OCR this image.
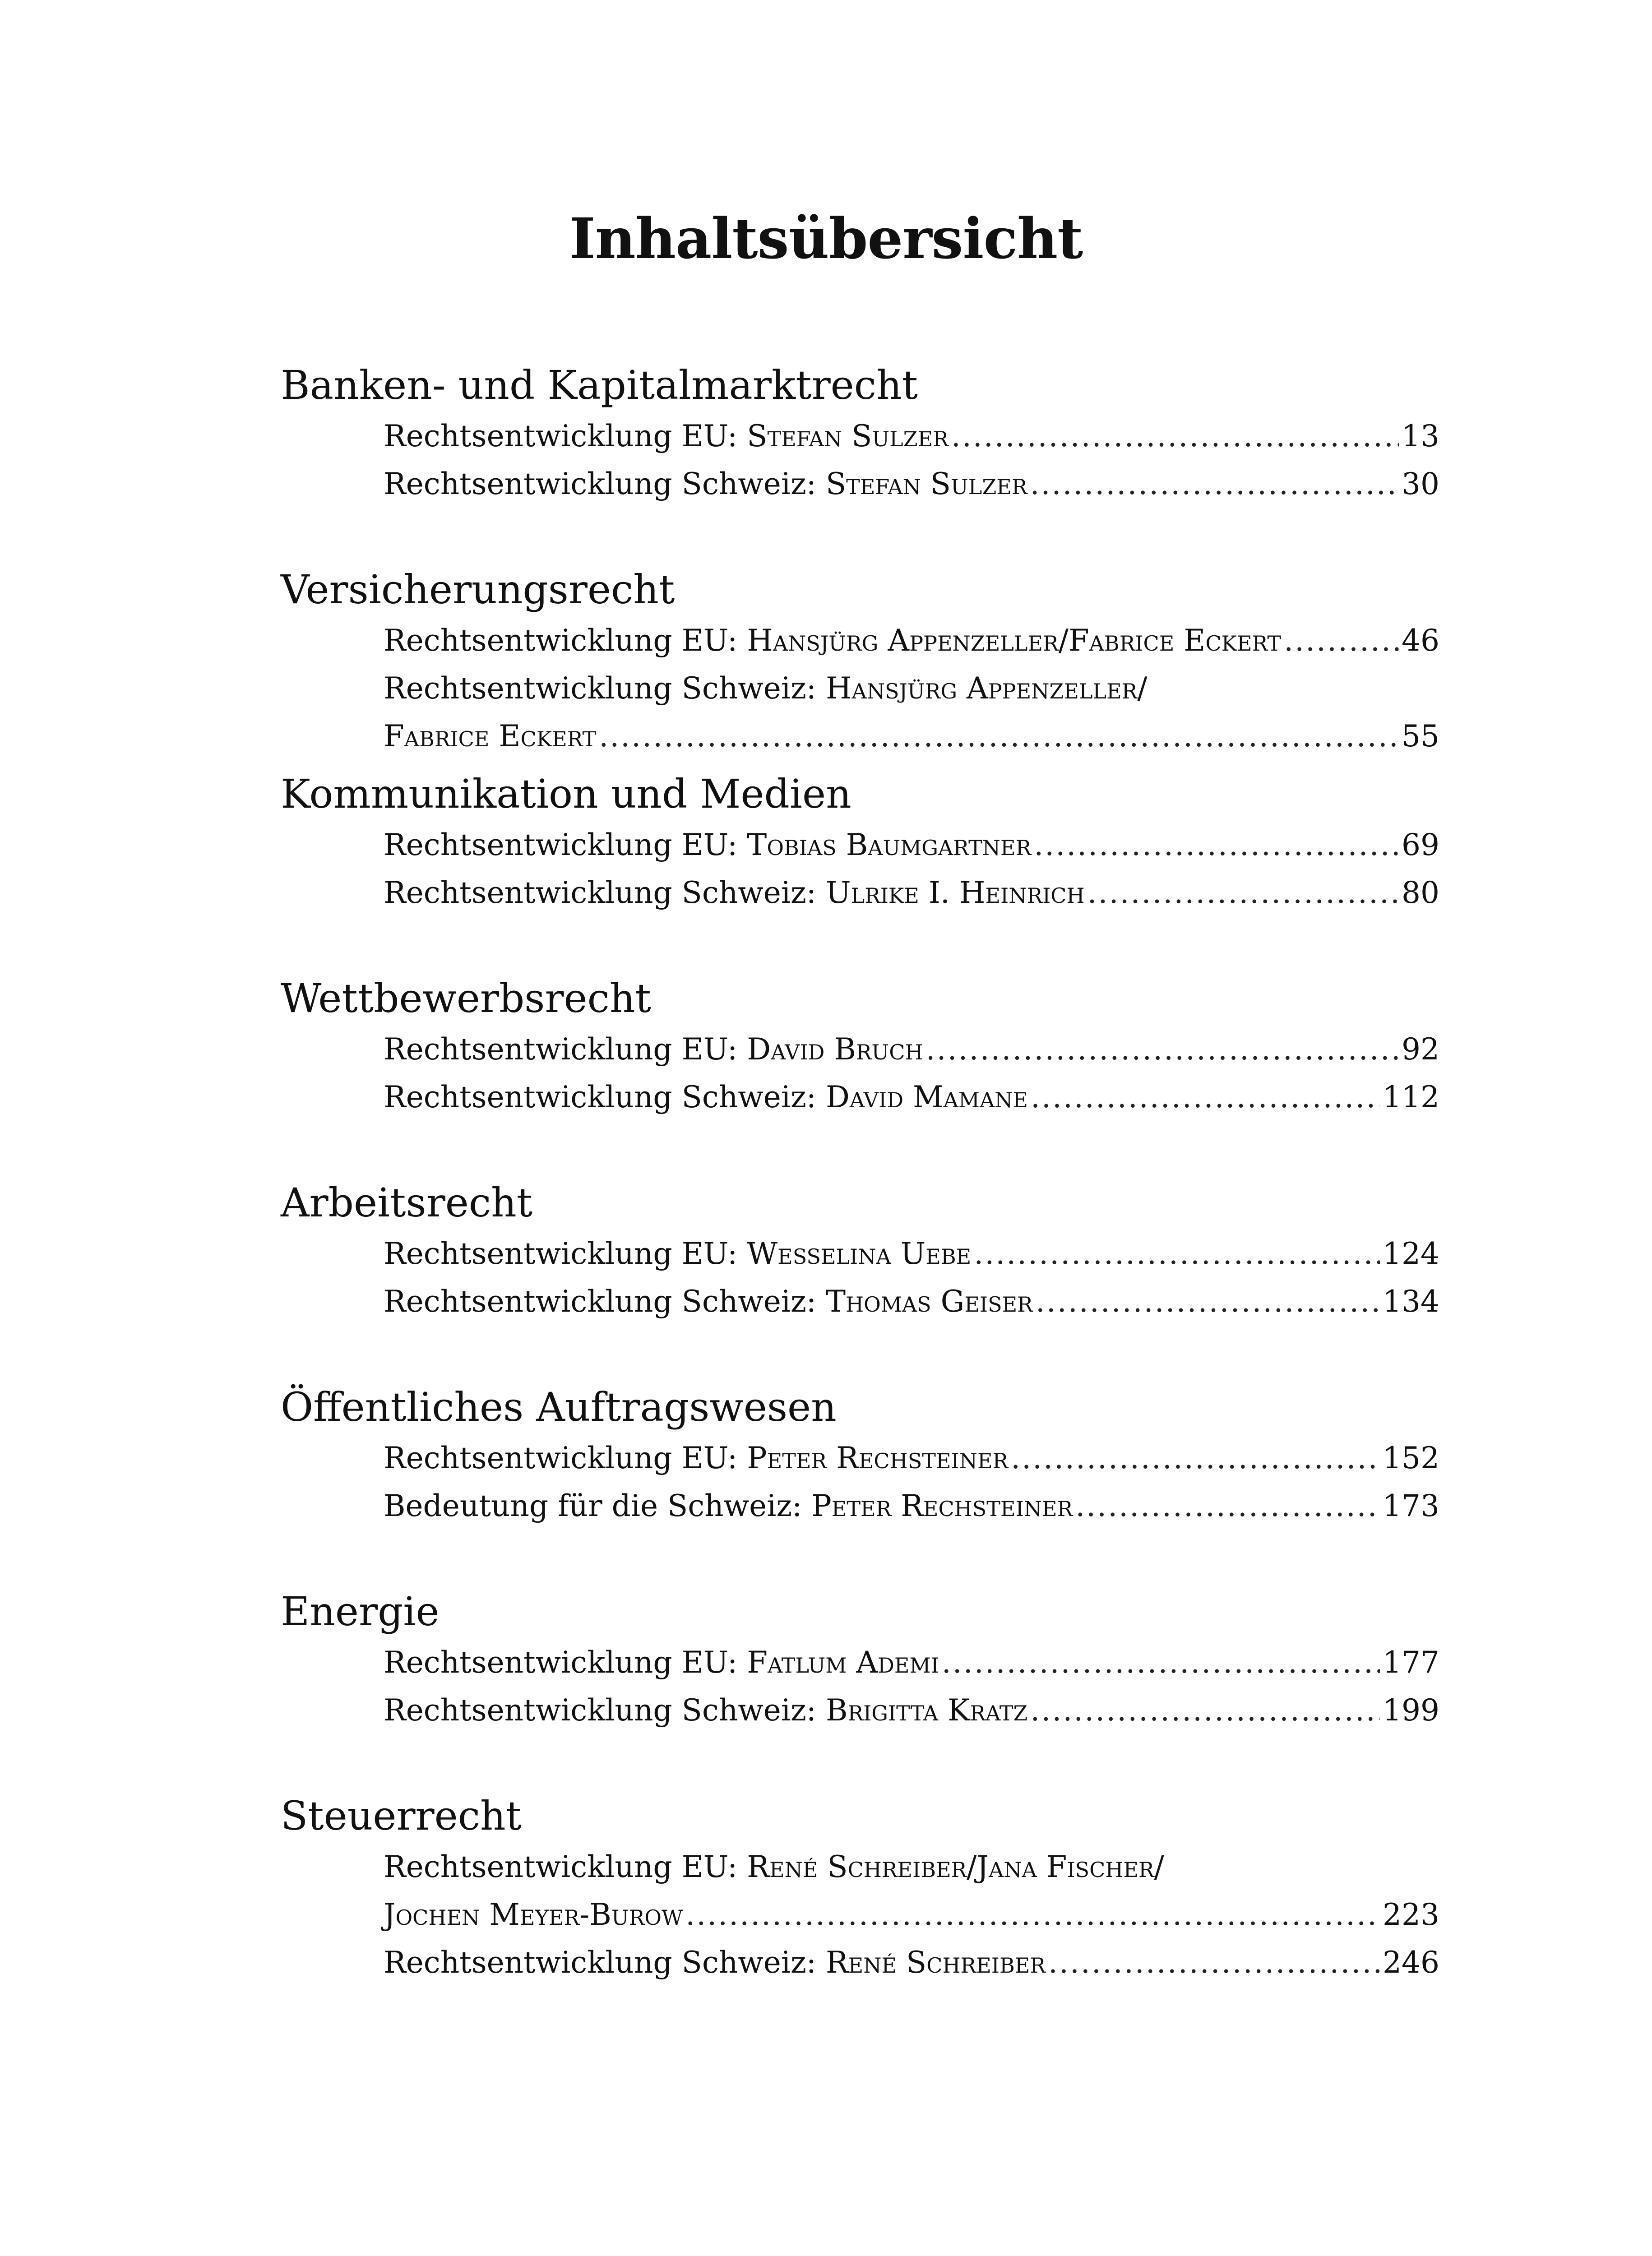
Inhaltsübersicht
Banken- und Kapitalmarktrecht
Rechtsentwicklung EU: Stefan Sulzer .....	13
Rechtsentwicklung Schweiz: Stefan Sulzer .....	30
Versicherungsrecht
Rechtsentwicklung EU: Hansjürg Appenzeller/Fabrice Eckert .....	46
Rechtsentwicklung Schweiz: Hansjürg Appenzeller/
Fabrice Eckert .....	55
Kommunikation und Medien
Rechtsentwicklung EU: Tobias Baumgartner .....	69
Rechtsentwicklung Schweiz: Ulrike I. Heinrich .....	80
Wettbewerbsrecht
Rechtsentwicklung EU: David Bruch .....	92
Rechtsentwicklung Schweiz: David Mamane .....	112
Arbeitsrecht
Rechtsentwicklung EU: Wesselina Uebe .....	124
Rechtsentwicklung Schweiz: Thomas Geiser .....	134
Öffentliches Auftragswesen
Rechtsentwicklung EU: Peter Rechsteiner .....	152
Bedeutung für die Schweiz: Peter Rechsteiner .....	173
Energie
Rechtsentwicklung EU: Fatlum Ademi .....	177
Rechtsentwicklung Schweiz: Brigitta Kratz .....	199
Steuerrecht
Rechtsentwicklung EU: René Schreiber/Jana Fischer/
Jochen Meyer-Burow .....	223
Rechtsentwicklung Schweiz: René Schreiber .....	246
